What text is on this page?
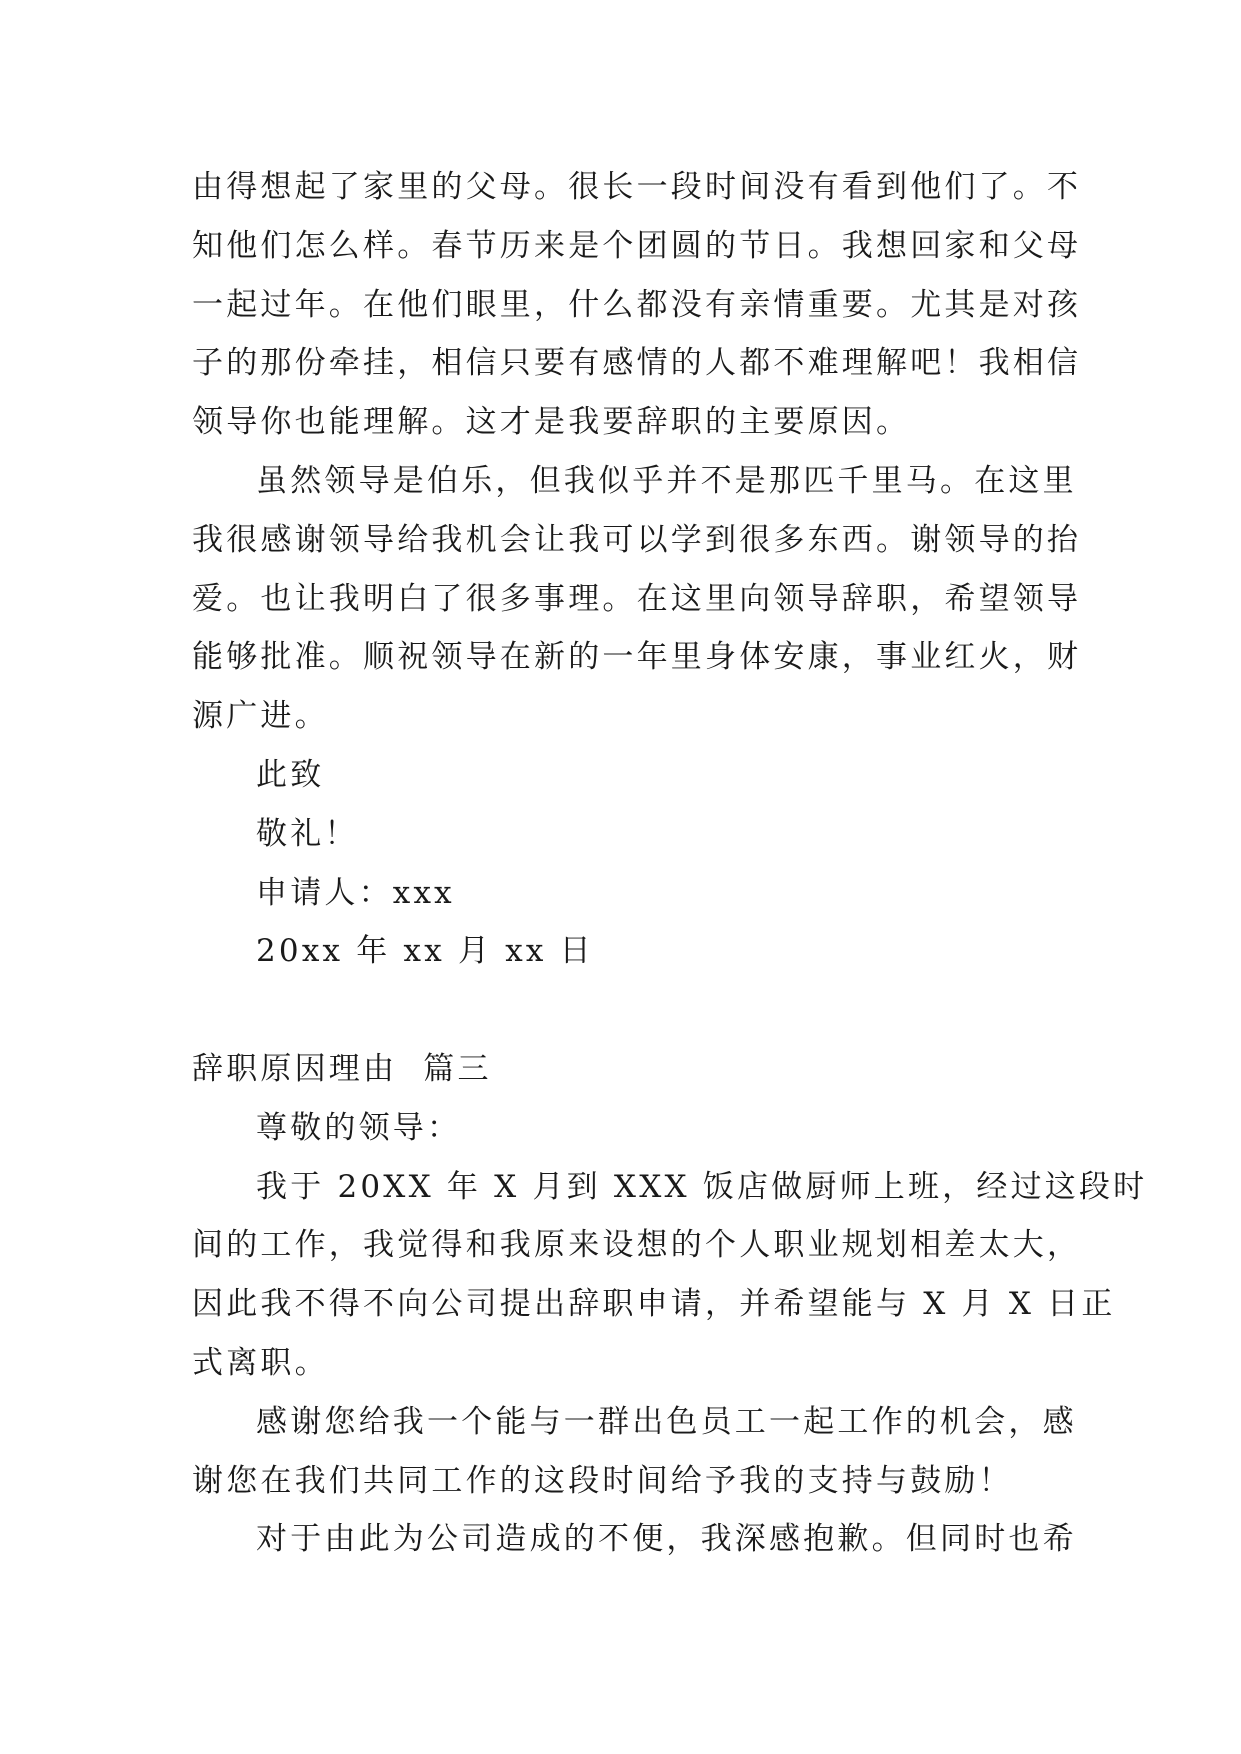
由得想起了家里的父母。很长一段时间没有看到他们了。不
知他们怎么样。春节历来是个团圆的节日。我想回家和父母
一起过年。在他们眼里，什么都没有亲情重要。尤其是对孩
子的那份牵挂，相信只要有感情的人都不难理解吧！我相信
领导你也能理解。这才是我要辞职的主要原因。
虽然领导是伯乐，但我似乎并不是那匹千里马。在这里
我很感谢领导给我机会让我可以学到很多东西。谢领导的抬
爱。也让我明白了很多事理。在这里向领导辞职，希望领导
能够批准。顺祝领导在新的一年里身体安康，事业红火，财
源广进。
此致
敬礼！
申请人：xxx
20xx 年 xx 月 xx 日
辞职原因理由  篇三
尊敬的领导：
我于 20XX 年 X 月到 XXX 饭店做厨师上班，经过这段时
间的工作，我觉得和我原来设想的个人职业规划相差太大，
因此我不得不向公司提出辞职申请，并希望能与 X 月 X 日正
式离职。
感谢您给我一个能与一群出色员工一起工作的机会，感
谢您在我们共同工作的这段时间给予我的支持与鼓励！
对于由此为公司造成的不便，我深感抱歉。但同时也希
